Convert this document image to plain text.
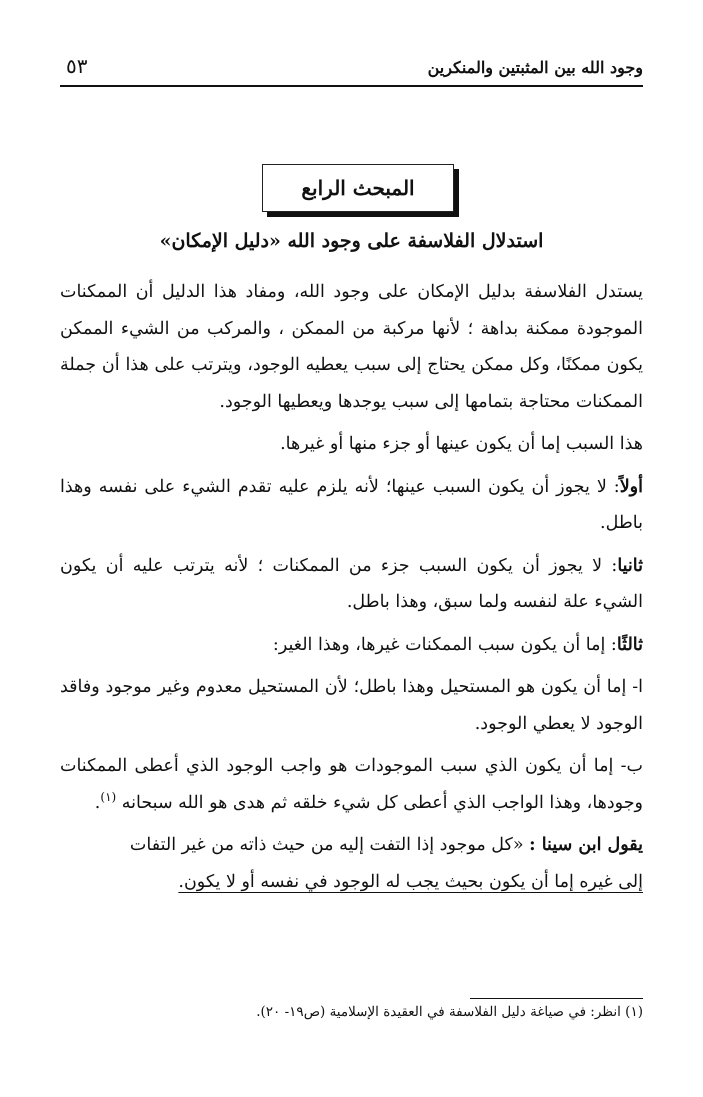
وجود الله بين المثبتين والمنكرين
٥٣
المبحث الرابع
استدلال الفلاسفة على وجود الله «دليل الإمكان»

يستدل الفلاسفة بدليل الإمكان على وجود الله، ومفاد هذا الدليل أن الممكنات الموجودة ممكنة بداهة ؛ لأنها مركبة من الممكن ، والمركب من الشيء الممكن يكون ممكنًا، وكل ممكن يحتاج إلى سبب يعطيه الوجود، ويترتب على هذا أن جملة الممكنات محتاجة بتمامها إلى سبب يوجدها ويعطيها الوجود.

هذا السبب إما أن يكون عينها أو جزء منها أو غيرها.

أولاً: لا يجوز أن يكون السبب عينها؛ لأنه يلزم عليه تقدم الشيء على نفسه وهذا باطل.

ثانيا: لا يجوز أن يكون السبب جزء من الممكنات ؛ لأنه يترتب عليه أن يكون الشيء علة لنفسه ولما سبق، وهذا باطل.

ثالثًا: إما أن يكون سبب الممكنات غيرها، وهذا الغير:

ا- إما أن يكون هو المستحيل وهذا باطل؛ لأن المستحيل معدوم وغير موجود وفاقد الوجود لا يعطي الوجود.

ب- إما أن يكون الذي سبب الموجودات هو واجب الوجود الذي أعطى الممكنات وجودها، وهذا الواجب الذي أعطى كل شيء خلقه ثم هدى هو الله سبحانه $^{(١)}$.

يقول ابن سينا : «كل موجود إذا التفت إليه من حيث ذاته من غير التفات
إلى غيره إما أن يكون بحيث يجب له الوجود في نفسه أو لا يكون.

(١) انظر: في صياغة دليل الفلاسفة في العقيدة الإسلامية (ص١٩- ٢٠).
